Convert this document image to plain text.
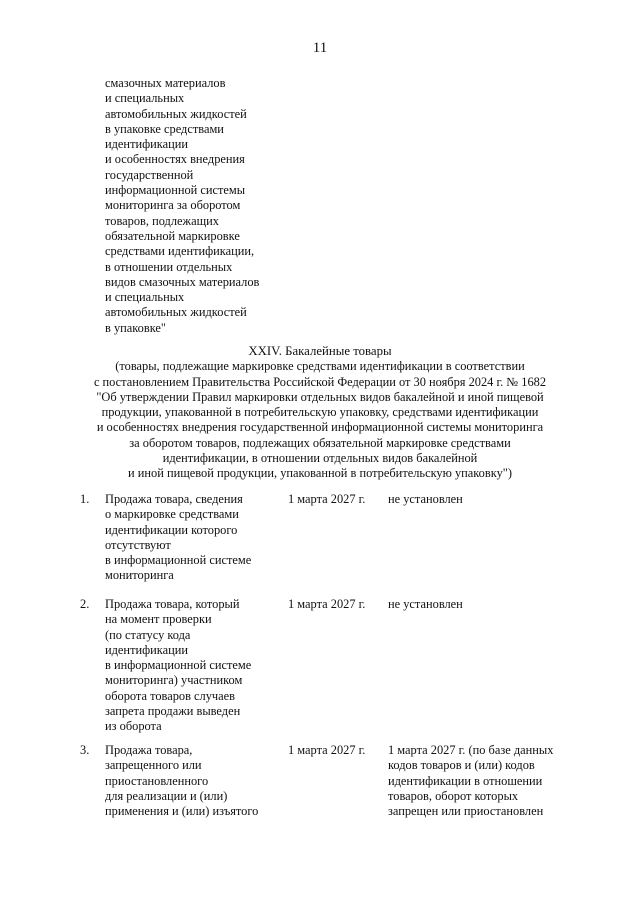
11
смазочных материалов
и специальных
автомобильных жидкостей
в упаковке средствами
идентификации
и особенностях внедрения
государственной
информационной системы
мониторинга за оборотом
товаров, подлежащих
обязательной маркировке
средствами идентификации,
в отношении отдельных
видов смазочных материалов
и специальных
автомобильных жидкостей
в упаковке"
XXIV. Бакалейные товары
(товары, подлежащие маркировке средствами идентификации в соответствии
с постановлением Правительства Российской Федерации от 30 ноября 2024 г. № 1682
"Об утверждении Правил маркировки отдельных видов бакалейной и иной пищевой
продукции, упакованной в потребительскую упаковку, средствами идентификации
и особенностях внедрения государственной информационной системы мониторинга
за оборотом товаров, подлежащих обязательной маркировке средствами
идентификации, в отношении отдельных видов бакалейной
и иной пищевой продукции, упакованной в потребительскую упаковку")
1. Продажа товара, сведения
о маркировке средствами
идентификации которого
отсутствуют
в информационной системе
мониторинга
1 марта 2027 г. не установлен
2. Продажа товара, который
на момент проверки
(по статусу кода
идентификации
в информационной системе
мониторинга) участником
оборота товаров случаев
запрета продажи выведен
из оборота
1 марта 2027 г. не установлен
3. Продажа товара,
запрещенного или
приостановленного
для реализации и (или)
применения и (или) изъятого
1 марта 2027 г. 1 марта 2027 г. (по базе данных
кодов товаров и (или) кодов
идентификации в отношении
товаров, оборот которых
запрещен или приостановлен
